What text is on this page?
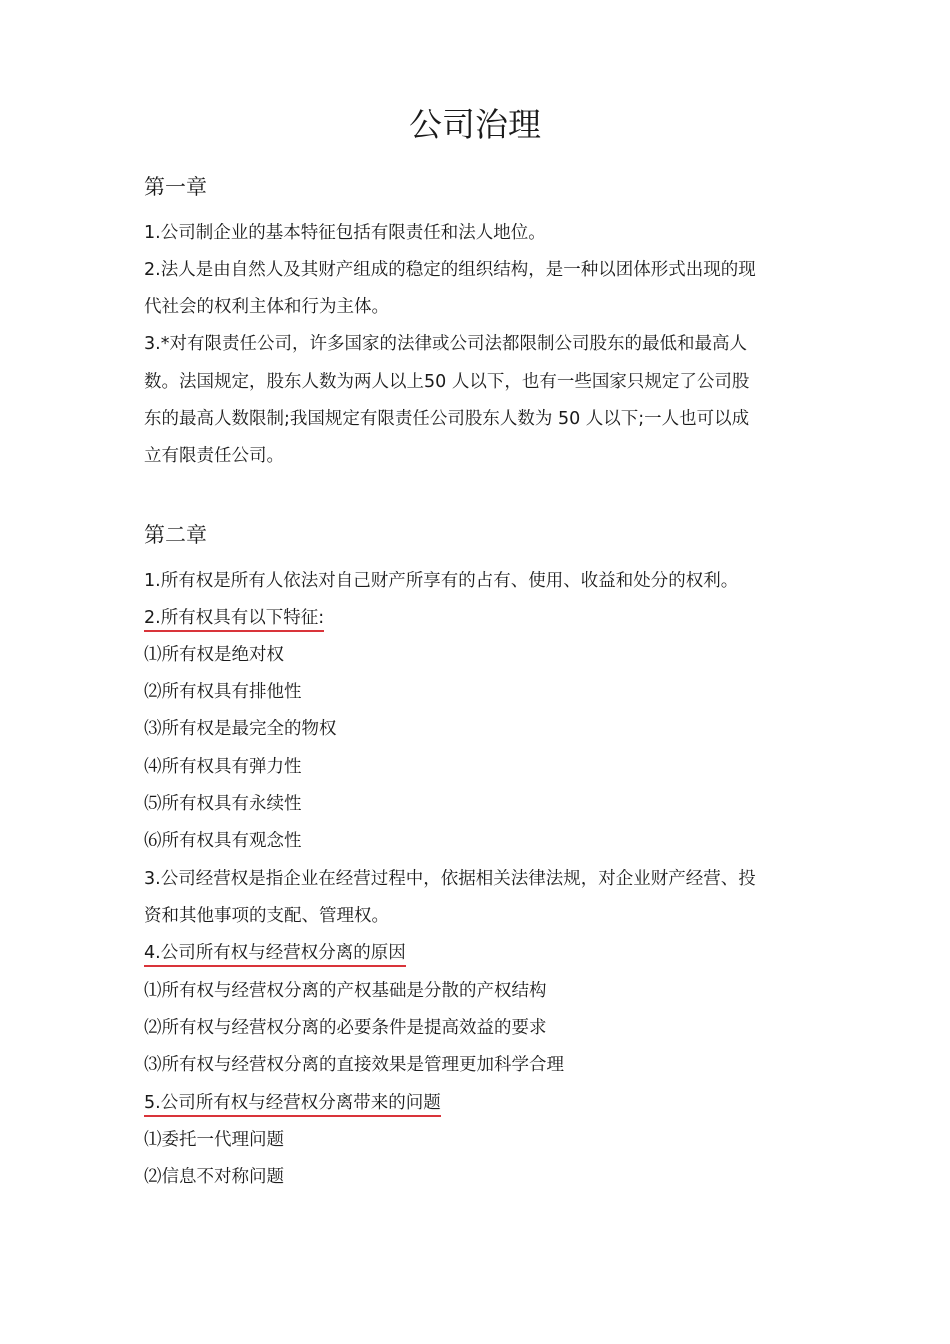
公司治理
第一章

1.公司制企业的基本特征包括有限责任和法人地位。

2.法人是由自然人及其财产组成的稳定的组织结构，是一种以团体形式出现的现

代社会的权利主体和行为主体。

3.*对有限责任公司，许多国家的法律或公司法都限制公司股东的最低和最高人

数。法国规定，股东人数为两人以上50 人以下，也有一些国家只规定了公司股

东的最高人数限制;我国规定有限责任公司股东人数为 50 人以下;一人也可以成

立有限责任公司。

第二章

1.所有权是所有人依法对自己财产所享有的占有、使用、收益和处分的权利。

2.所有权具有以下特征:

⑴所有权是绝对权

⑵所有权具有排他性

⑶所有权是最完全的物权

⑷所有权具有弹力性

⑸所有权具有永续性

⑹所有权具有观念性

3.公司经营权是指企业在经营过程中，依据相关法律法规，对企业财产经营、投

资和其他事项的支配、管理权。

4.公司所有权与经营权分离的原因

⑴所有权与经营权分离的产权基础是分散的产权结构

⑵所有权与经营权分离的必要条件是提高效益的要求

⑶所有权与经营权分离的直接效果是管理更加科学合理

5.公司所有权与经营权分离带来的问题

⑴委托一代理问题

⑵信息不对称问题
